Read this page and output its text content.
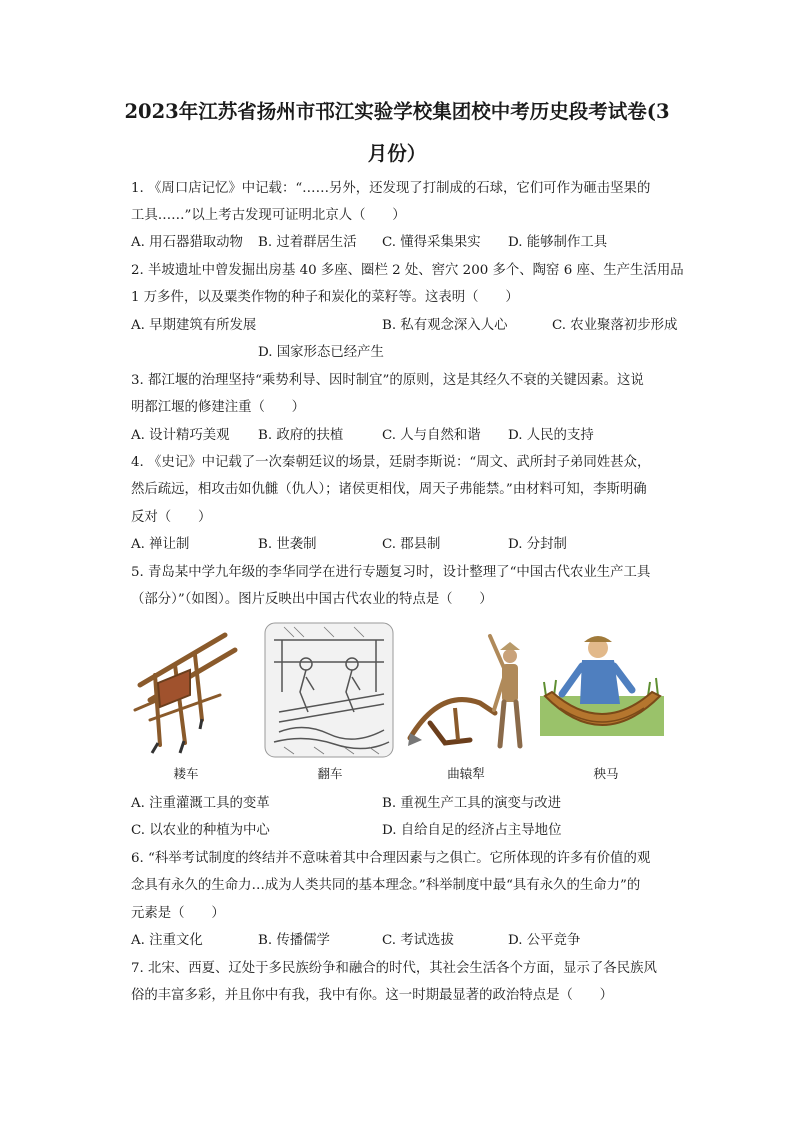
2023年江苏省扬州市邗江实验学校集团校中考历史段考试卷(3
月份）
1. 《周口店记忆》中记载：“……另外，还发现了打制成的石球，它们可作为砸击坚果的
工具……”以上考古发现可证明北京人（　　）
A. 用石器猎取动物 B. 过着群居生活 C. 懂得采集果实 D. 能够制作工具
2. 半坡遗址中曾发掘出房基 40 多座、圈栏 2 处、窖穴 200 多个、陶窑 6 座、生产生活用品
1 万多件，以及粟类作物的种子和炭化的菜籽等。这表明（　　）
A. 早期建筑有所发展	B. 私有观念深入人心	C. 农业聚落初步形成
D. 国家形态已经产生
3. 都江堰的治理坚持“乘势利导、因时制宜”的原则，这是其经久不衰的关键因素。这说
明都江堰的修建注重（　　）
A. 设计精巧美观 B. 政府的扶植	C. 人与自然和谐 D. 人民的支持
4. 《史记》中记载了一次秦朝廷议的场景，廷尉李斯说：“周文、武所封子弟同姓甚众，
然后疏远，相攻击如仇雠（仇人）；诸侯更相伐，周天子弗能禁。”由材料可知，李斯明确
反对（　　）
A. 禅让制	B. 世袭制	C. 郡县制	D. 分封制
5. 青岛某中学九年级的李华同学在进行专题复习时，设计整理了“中国古代农业生产工具
（部分）”（如图）。图片反映出中国古代农业的特点是（　　）
耧车	翻车	曲辕犁	秧马
A. 注重灌溉工具的变革	B. 重视生产工具的演变与改进
C. 以农业的种植为中心	D. 自给自足的经济占主导地位
6. “科举考试制度的终结并不意味着其中合理因素与之俱亡。它所体现的许多有价值的观
念具有永久的生命力…成为人类共同的基本理念。”科举制度中最“具有永久的生命力”的
元素是（　　）
A. 注重文化	B. 传播儒学	C. 考试选拔	D. 公平竞争
7. 北宋、西夏、辽处于多民族纷争和融合的时代，其社会生活各个方面，显示了各民族风
俗的丰富多彩，并且你中有我，我中有你。这一时期最显著的政治特点是（　　）
